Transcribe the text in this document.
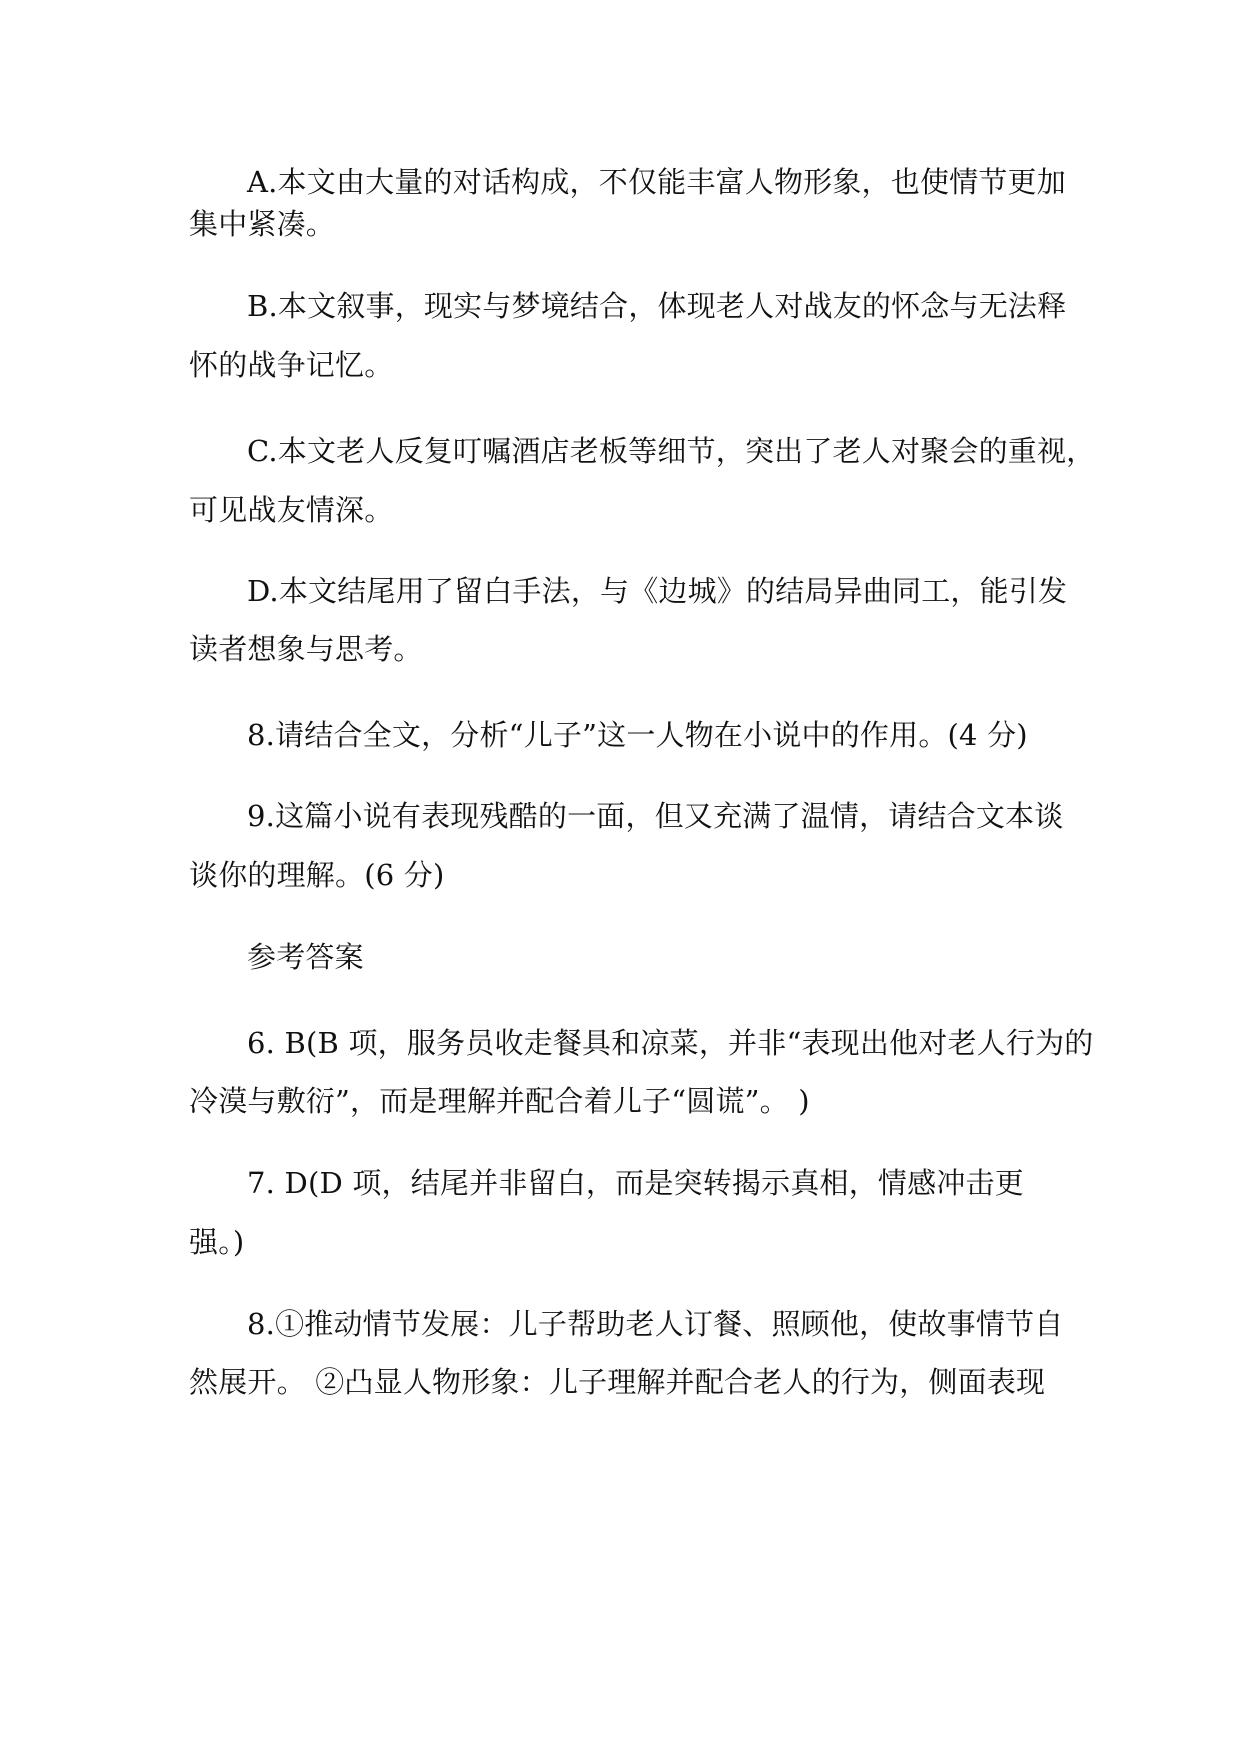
A.本文由大量的对话构成，不仅能丰富人物形象，也使情节更加
集中紧凑。
B.本文叙事，现实与梦境结合，体现老人对战友的怀念与无法释
怀的战争记忆。
C.本文老人反复叮嘱酒店老板等细节，突出了老人对聚会的重视，
可见战友情深。
D.本文结尾用了留白手法，与《边城》的结局异曲同工，能引发
读者想象与思考。
8.请结合全文，分析“儿子”这一人物在小说中的作用。(4 分)
9.这篇小说有表现残酷的一面，但又充满了温情，请结合文本谈
谈你的理解。(6 分)
参考答案
6. B(B 项，服务员收走餐具和凉菜，并非“表现出他对老人行为的
冷漠与敷衍”，而是理解并配合着儿子“圆谎”。 )
7. D(D 项，结尾并非留白，而是突转揭示真相，情感冲击更
强。)
8.①推动情节发展：儿子帮助老人订餐、照顾他，使故事情节自
然展开。 ②凸显人物形象：儿子理解并配合老人的行为，侧面表现
